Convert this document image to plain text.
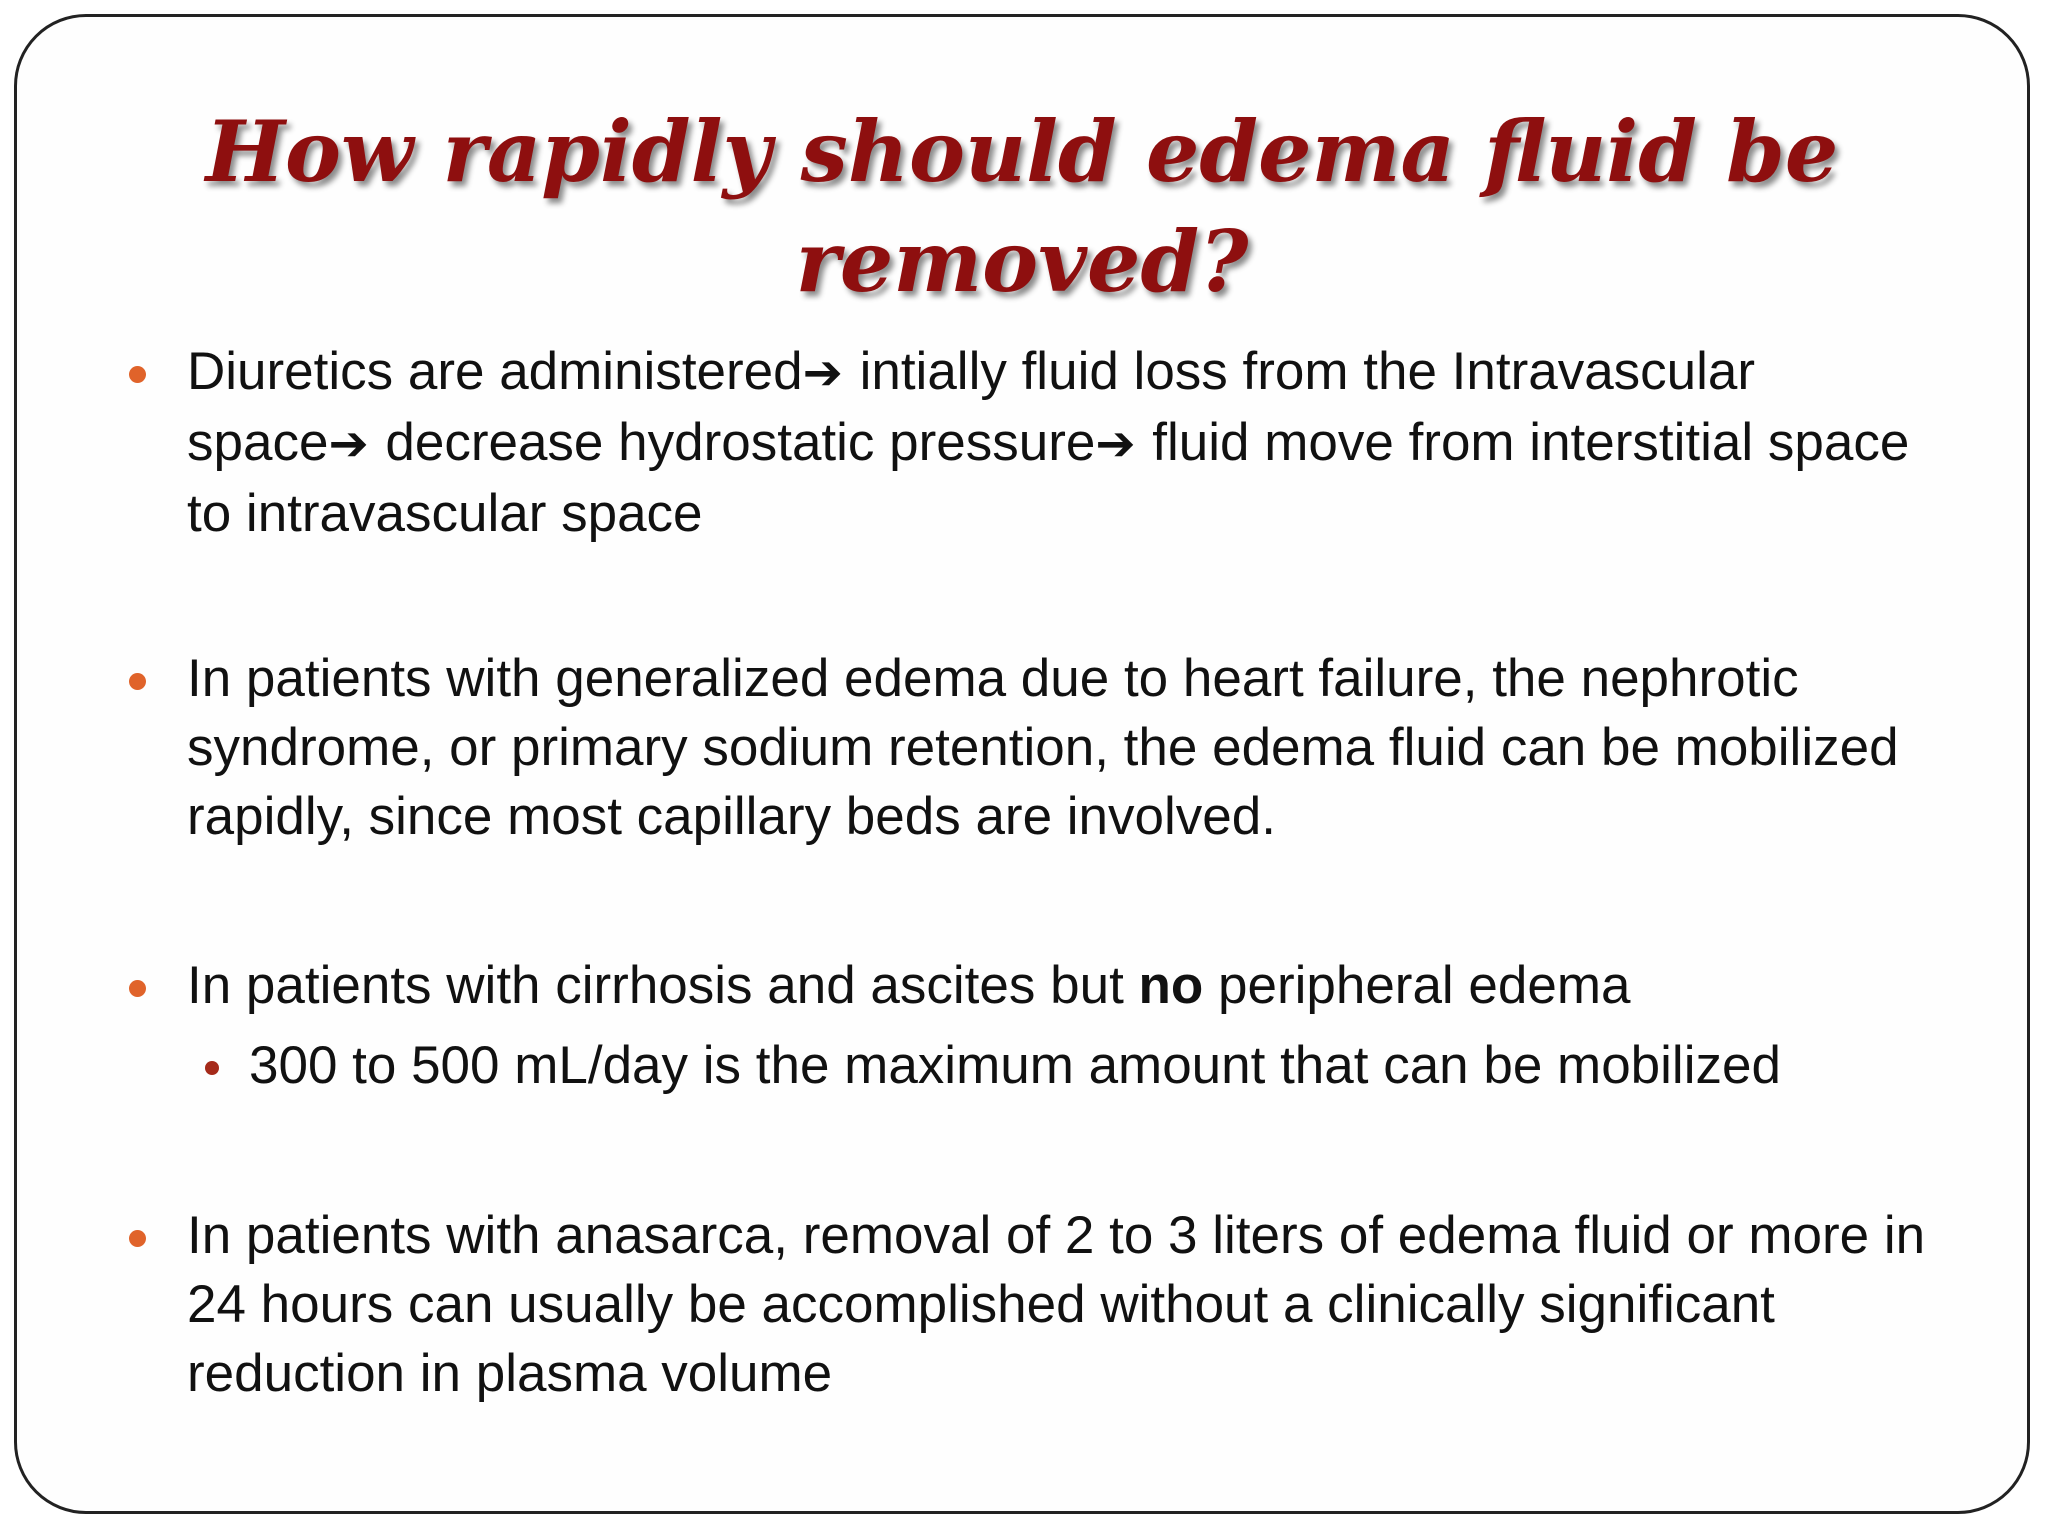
How rapidly should edema fluid be
removed?
Diuretics are administered➔ intially fluid loss from the Intravascular space➔ decrease hydrostatic pressure➔ fluid move from interstitial space to intravascular space
In patients with generalized edema due to heart failure, the nephrotic syndrome, or primary sodium retention, the edema fluid can be mobilized rapidly, since most capillary beds are involved.
In patients with cirrhosis and ascites but no peripheral edema
300 to 500 mL/day is the maximum amount that can be mobilized
In patients with anasarca, removal of 2 to 3 liters of edema fluid or more in 24 hours can usually be accomplished without a clinically significant reduction in plasma volume
